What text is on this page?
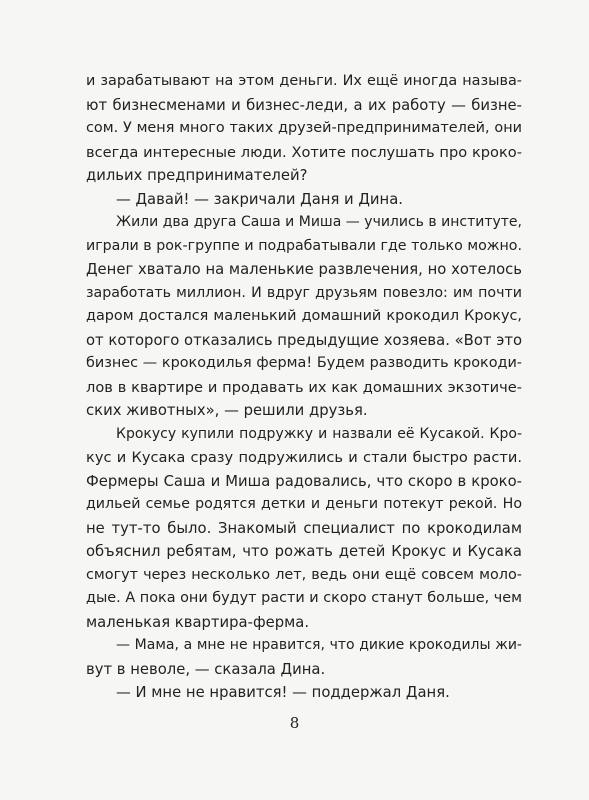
и зарабатывают на этом деньги. Их ещё иногда называ-
ют бизнесменами и бизнес-леди, а их работу — бизне-
сом. У меня много таких друзей-предпринимателей, они
всегда интересные люди. Хотите послушать про кроко-
дильих предпринимателей?
— Давай! — закричали Даня и Дина.
Жили два друга Саша и Миша — учились в институте,
играли в рок-группе и подрабатывали где только можно.
Денег хватало на маленькие развлечения, но хотелось
заработать миллион. И вдруг друзьям повезло: им почти
даром достался маленький домашний крокодил Крокус,
от которого отказались предыдущие хозяева. «Вот это
бизнес — крокодилья ферма! Будем разводить крокоди-
лов в квартире и продавать их как домашних экзотиче-
ских животных», — решили друзья.
Крокусу купили подружку и назвали её Кусакой. Кро-
кус и Кусака сразу подружились и стали быстро расти.
Фермеры Саша и Миша радовались, что скоро в кроко-
дильей семье родятся детки и деньги потекут рекой. Но
не тут-то было. Знакомый специалист по крокодилам
объяснил ребятам, что рожать детей Крокус и Кусака
смогут через несколько лет, ведь они ещё совсем моло-
дые. А пока они будут расти и скоро станут больше, чем
маленькая квартира-ферма.
— Мама, а мне не нравится, что дикие крокодилы жи-
вут в неволе, — сказала Дина.
— И мне не нравится! — поддержал Даня.
8
